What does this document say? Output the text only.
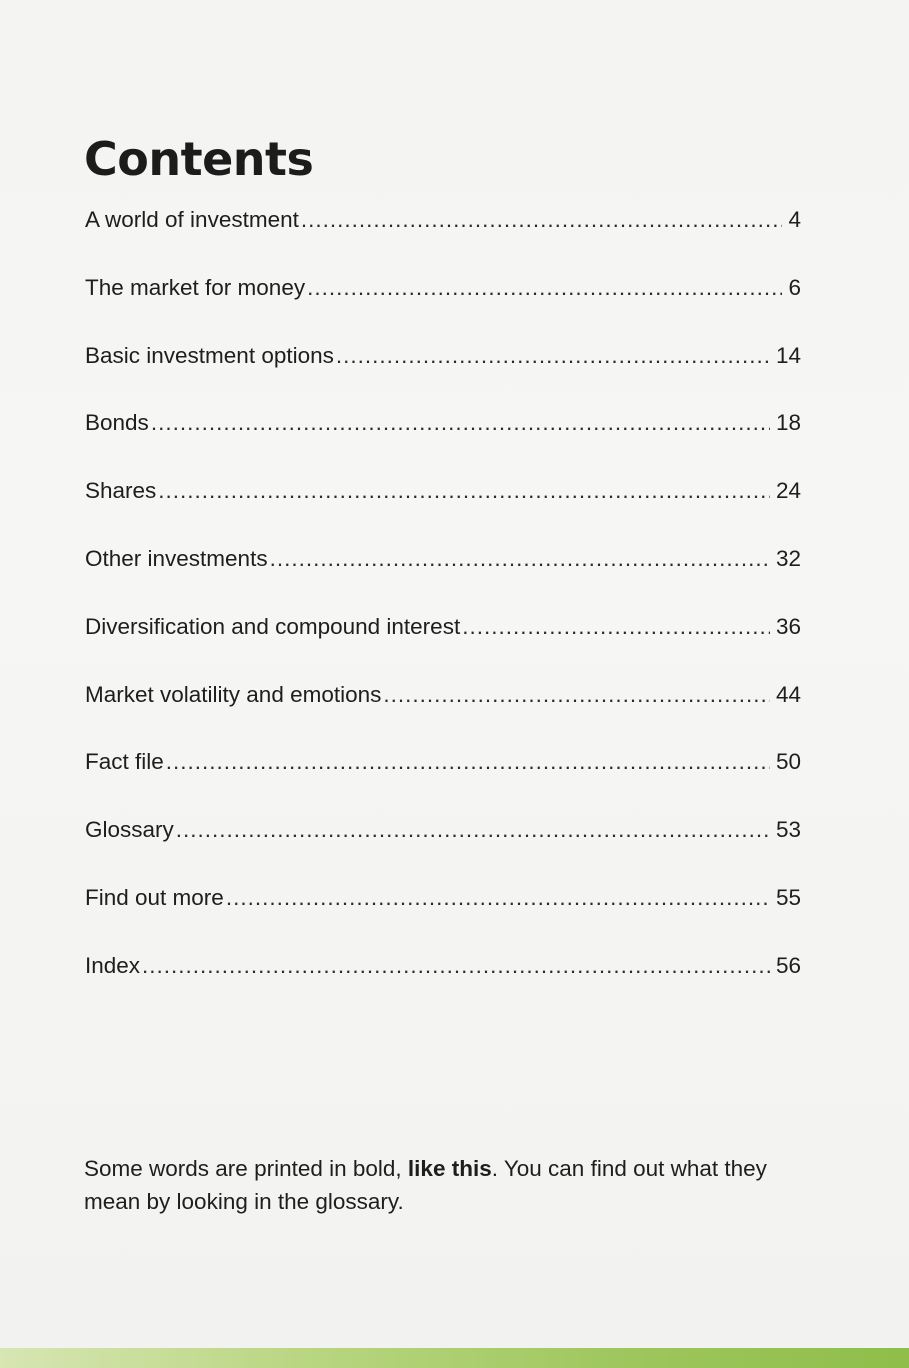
Contents
A world of investment .....	4
The market for money .....	6
Basic investment options .....	14
Bonds .....	18
Shares .....	24
Other investments .....	32
Diversification and compound interest .....	36
Market volatility and emotions .....	44
Fact file .....	50
Glossary .....	53
Find out more .....	55
Index .....	56

Some words are printed in bold, like this. You can find out what they mean by looking in the glossary.
